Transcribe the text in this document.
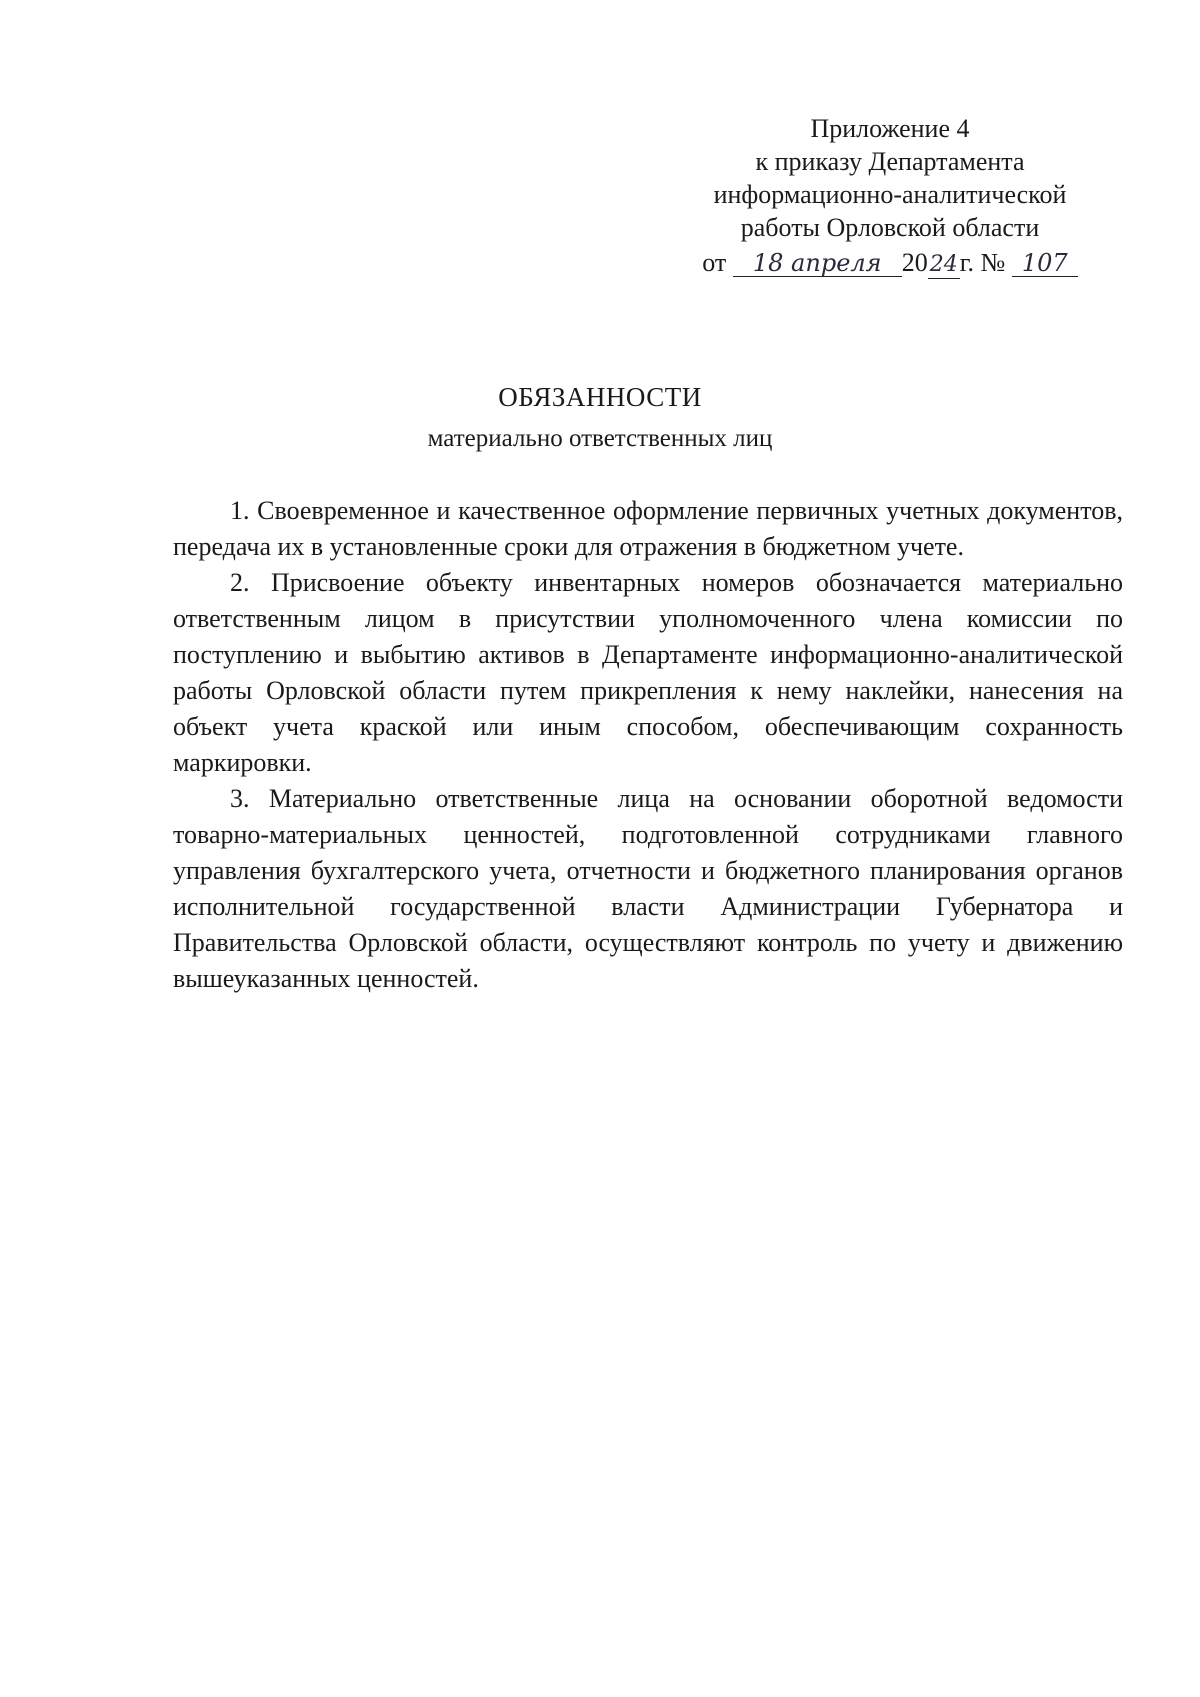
Приложение 4
к приказу Департамента
информационно-аналитической
работы Орловской области
от 18 апреля 2024г. № 107
ОБЯЗАННОСТИ
материально ответственных лиц

1. Своевременное и качественное оформление первичных учетных документов, передача их в установленные сроки для отражения в бюджетном учете.

2. Присвоение объекту инвентарных номеров обозначается материально ответственным лицом в присутствии уполномоченного члена комиссии по поступлению и выбытию активов в Департаменте информационно-аналитической работы Орловской области путем прикрепления к нему наклейки, нанесения на объект учета краской или иным способом, обеспечивающим сохранность маркировки.

3. Материально ответственные лица на основании оборотной ведомости товарно-материальных ценностей, подготовленной сотрудниками главного управления бухгалтерского учета, отчетности и бюджетного планирования органов исполнительной государственной власти Администрации Губернатора и Правительства Орловской области, осуществляют контроль по учету и движению вышеуказанных ценностей.
